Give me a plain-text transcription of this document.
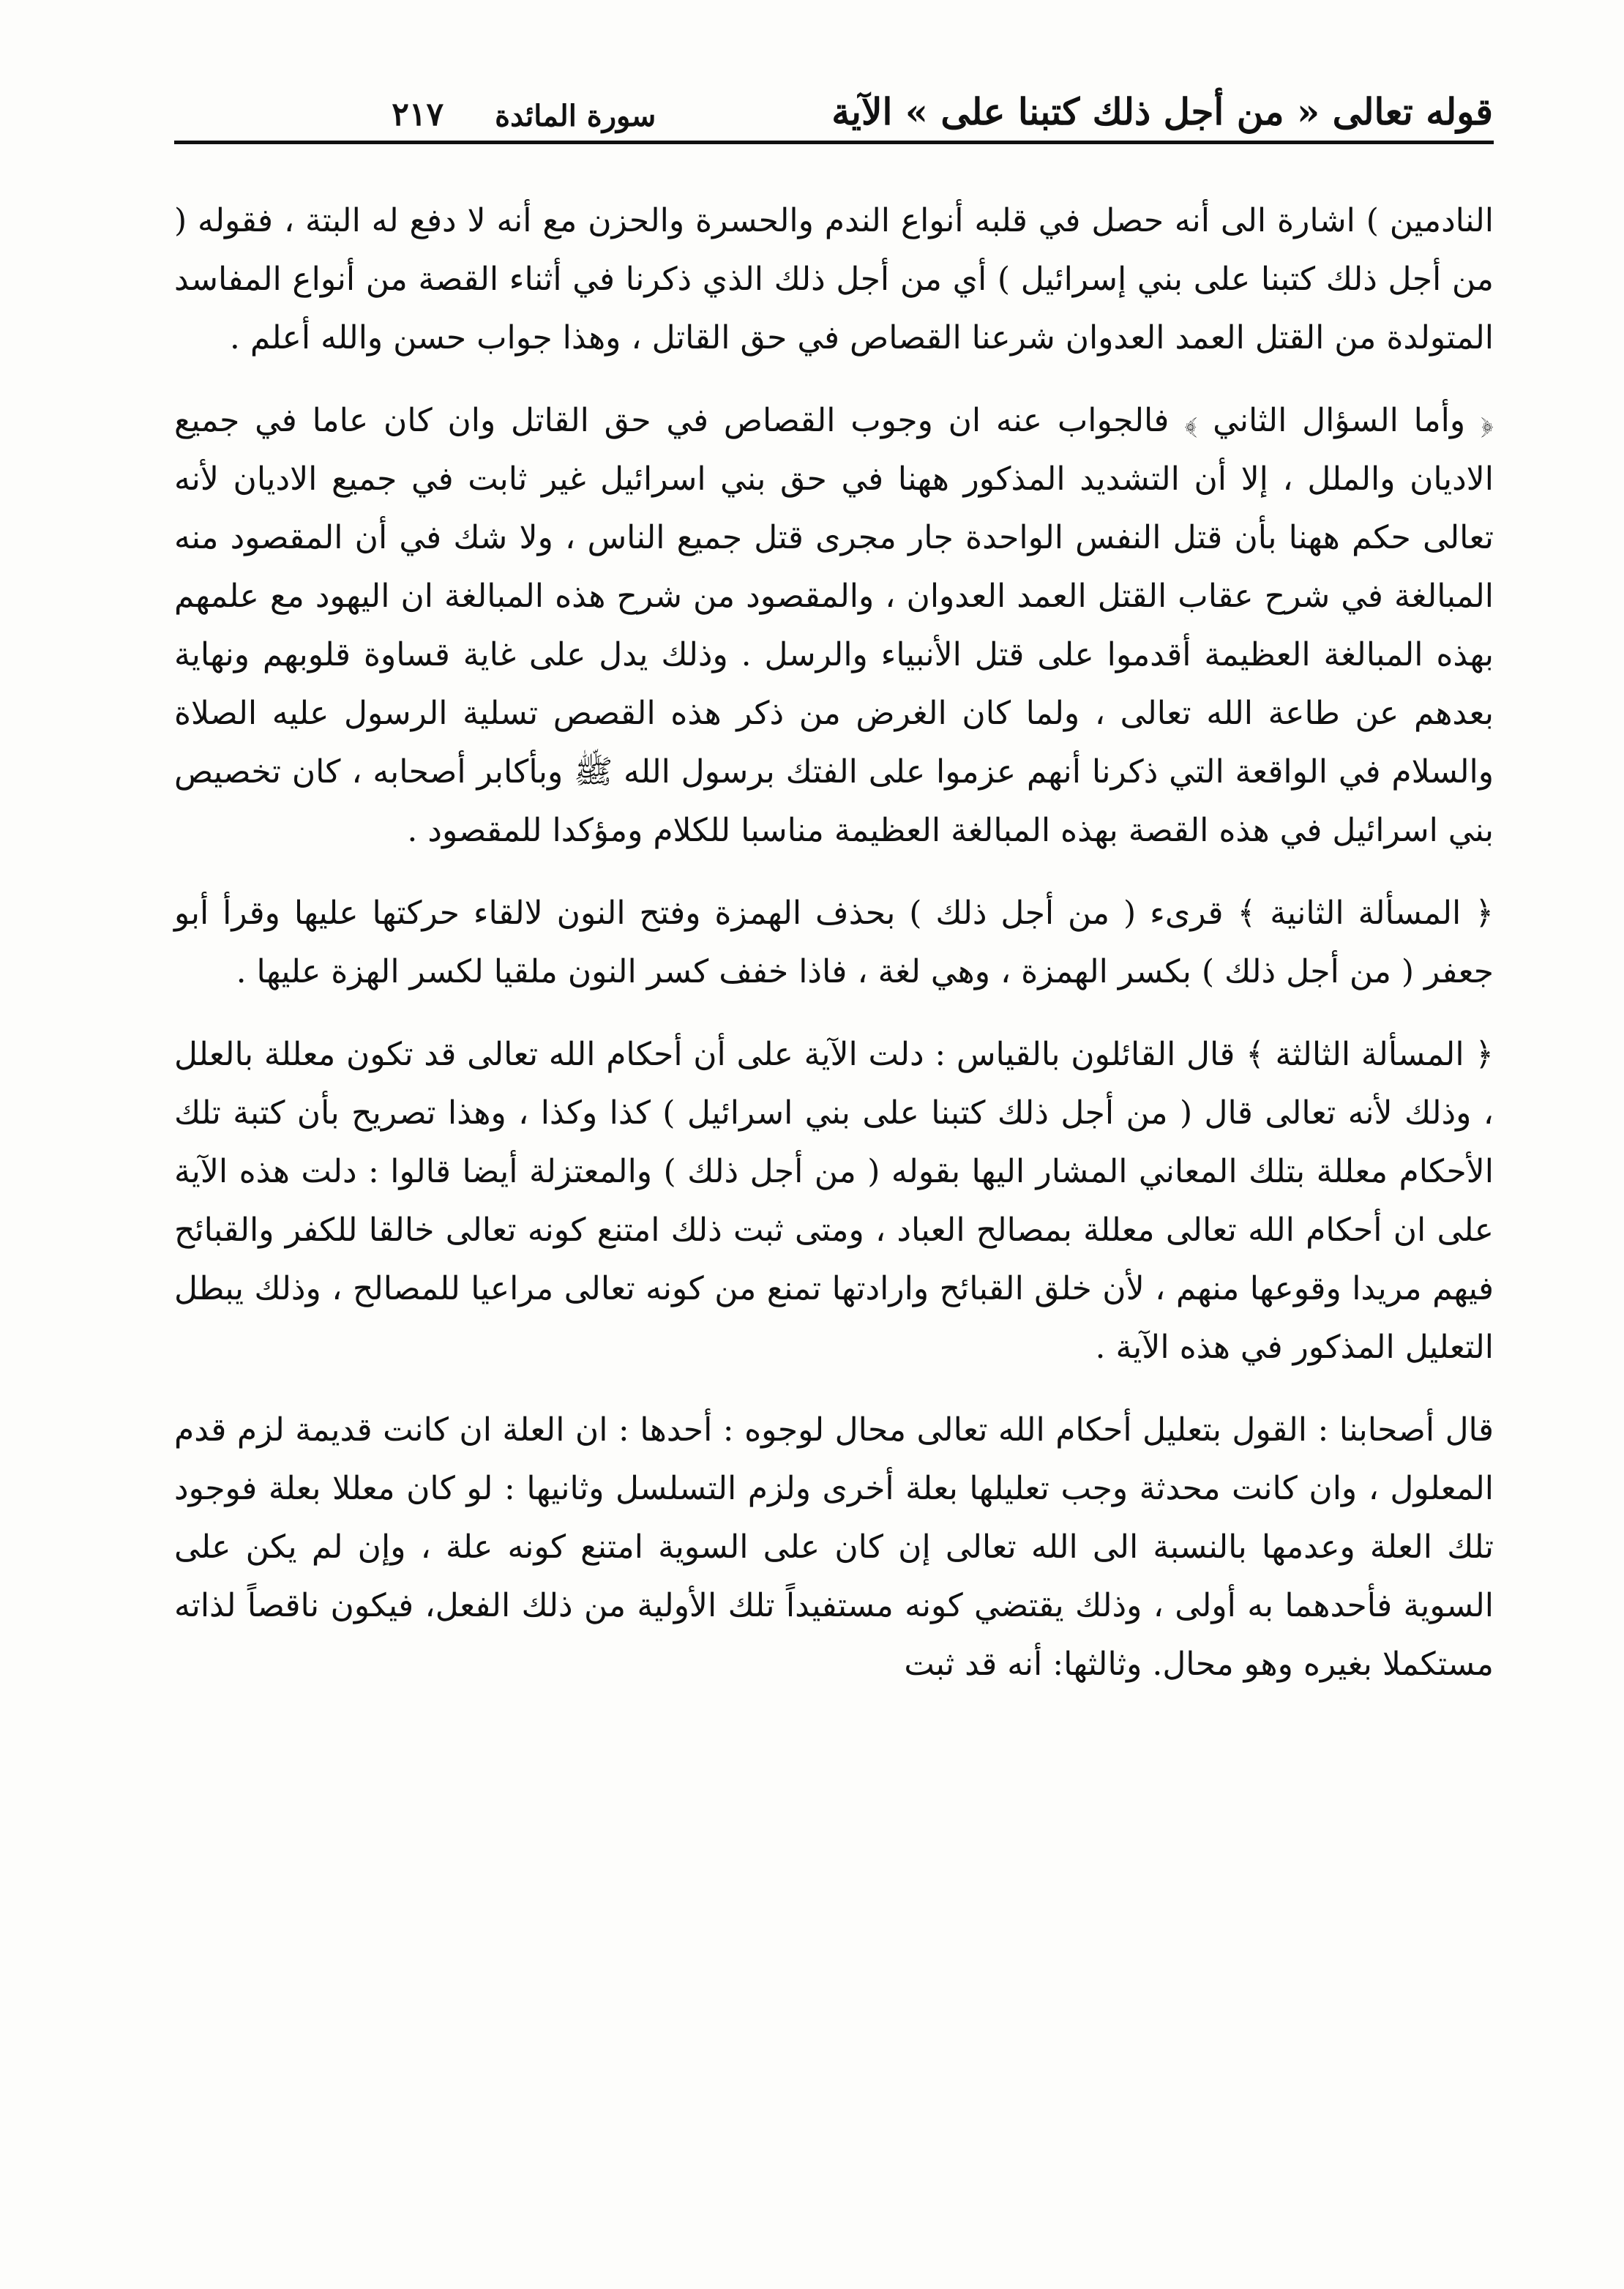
قوله تعالى « من أجل ذلك كتبنا على » الآية
سورة المائدة
٢١٧

النادمين ) اشارة الى أنه حصل في قلبه أنواع الندم والحسرة والحزن مع أنه لا دفع له البتة ، فقوله ( من أجل ذلك كتبنا على بني إسرائيل ) أي من أجل ذلك الذي ذكرنا في أثناء القصة من أنواع المفاسد المتولدة من القتل العمد العدوان شرعنا القصاص في حق القاتل ، وهذا جواب حسن والله أعلم .

﴿ وأما السؤال الثاني ﴾ فالجواب عنه ان وجوب القصاص في حق القاتل وان كان عاما في جميع الاديان والملل ، إلا أن التشديد المذكور ههنا في حق بني اسرائيل غير ثابت في جميع الاديان لأنه تعالى حكم ههنا بأن قتل النفس الواحدة جار مجرى قتل جميع الناس ، ولا شك في أن المقصود منه المبالغة في شرح عقاب القتل العمد العدوان ، والمقصود من شرح هذه المبالغة ان اليهود مع علمهم بهذه المبالغة العظيمة أقدموا على قتل الأنبياء والرسل . وذلك يدل على غاية قساوة قلوبهم ونهاية بعدهم عن طاعة الله تعالى ، ولما كان الغرض من ذكر هذه القصص تسلية الرسول عليه الصلاة والسلام في الواقعة التي ذكرنا أنهم عزموا على الفتك برسول الله ﷺ وبأكابر أصحابه ، كان تخصيص بني اسرائيل في هذه القصة بهذه المبالغة العظيمة مناسبا للكلام ومؤكدا للمقصود .

﴿ المسألة الثانية ﴾ قرىء ( من أجل ذلك ) بحذف الهمزة وفتح النون لالقاء حركتها عليها وقرأ أبو جعفر ( من أجل ذلك ) بكسر الهمزة ، وهي لغة ، فاذا خفف كسر النون ملقيا لكسر الهزة عليها .

﴿ المسألة الثالثة ﴾ قال القائلون بالقياس : دلت الآية على أن أحكام الله تعالى قد تكون معللة بالعلل ، وذلك لأنه تعالى قال ( من أجل ذلك كتبنا على بني اسرائيل ) كذا وكذا ، وهذا تصريح بأن كتبة تلك الأحكام معللة بتلك المعاني المشار اليها بقوله ( من أجل ذلك ) والمعتزلة أيضا قالوا : دلت هذه الآية على ان أحكام الله تعالى معللة بمصالح العباد ، ومتى ثبت ذلك امتنع كونه تعالى خالقا للكفر والقبائح فيهم مريدا وقوعها منهم ، لأن خلق القبائح وارادتها تمنع من كونه تعالى مراعيا للمصالح ، وذلك يبطل التعليل المذكور في هذه الآية .

قال أصحابنا : القول بتعليل أحكام الله تعالى محال لوجوه : أحدها : ان العلة ان كانت قديمة لزم قدم المعلول ، وان كانت محدثة وجب تعليلها بعلة أخرى ولزم التسلسل وثانيها : لو كان معللا بعلة فوجود تلك العلة وعدمها بالنسبة الى الله تعالى إن كان على السوية امتنع كونه علة ، وإن لم يكن على السوية فأحدهما به أولى ، وذلك يقتضي كونه مستفيداً تلك الأولية من ذلك الفعل، فيكون ناقصاً لذاته مستكملا بغيره وهو محال. وثالثها: أنه قد ثبت
